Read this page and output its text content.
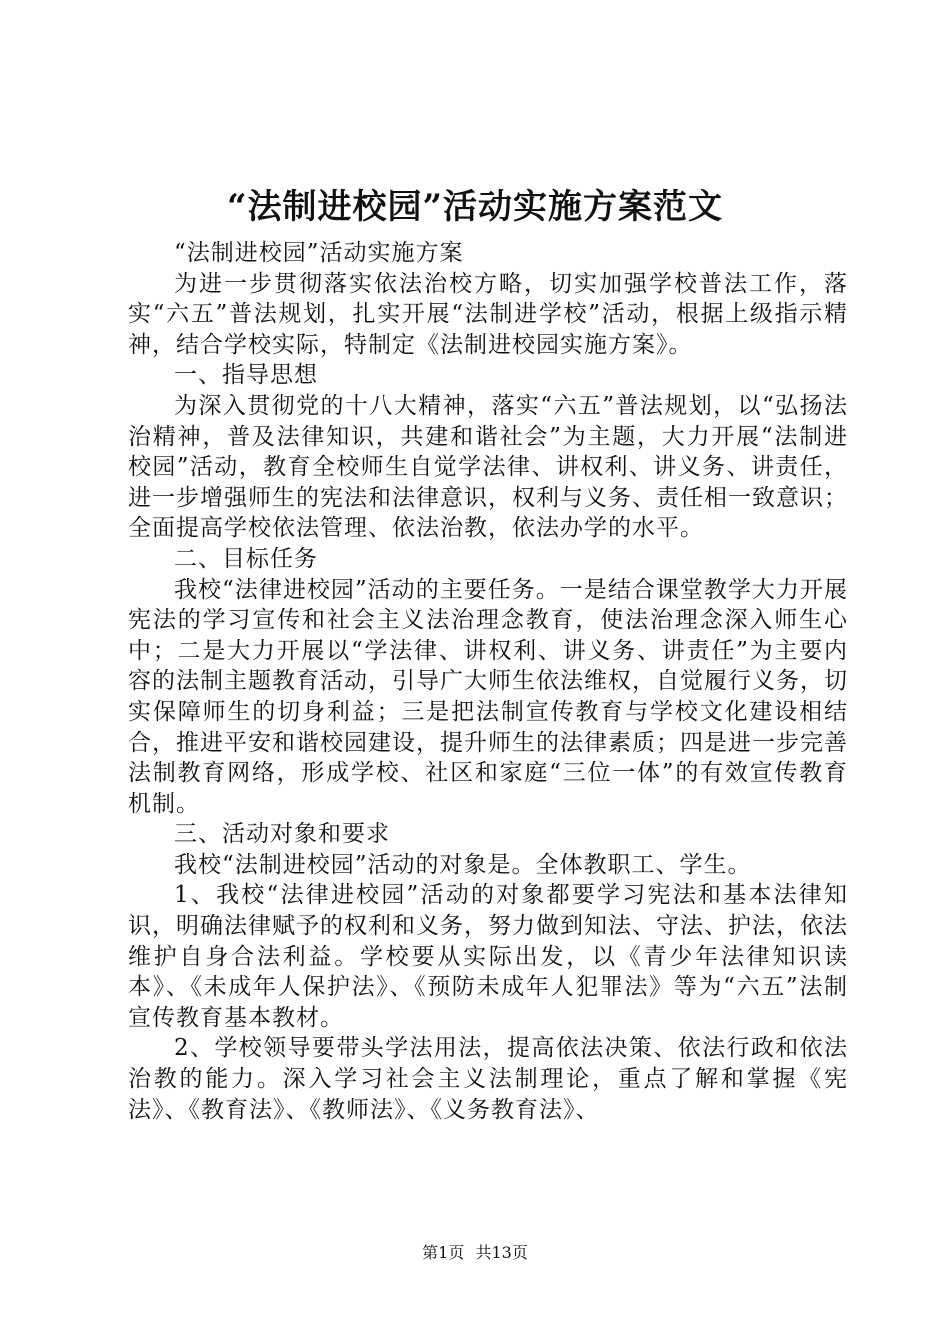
“法制进校园”活动实施方案范文

“法制进校园”活动实施方案

为进一步贯彻落实依法治校方略，切实加强学校普法工作，落实“六五”普法规划，扎实开展“法制进学校”活动，根据上级指示精神，结合学校实际，特制定《法制进校园实施方案》。

一、指导思想

为深入贯彻党的十八大精神，落实“六五”普法规划，以“弘扬法治精神，普及法律知识，共建和谐社会”为主题，大力开展“法制进校园”活动，教育全校师生自觉学法律、讲权利、讲义务、讲责任，进一步增强师生的宪法和法律意识，权利与义务、责任相一致意识；全面提高学校依法管理、依法治教，依法办学的水平。

二、目标任务

我校“法律进校园”活动的主要任务。一是结合课堂教学大力开展宪法的学习宣传和社会主义法治理念教育，使法治理念深入师生心中；二是大力开展以“学法律、讲权利、讲义务、讲责任”为主要内容的法制主题教育活动，引导广大师生依法维权，自觉履行义务，切实保障师生的切身利益；三是把法制宣传教育与学校文化建设相结合，推进平安和谐校园建设，提升师生的法律素质；四是进一步完善法制教育网络，形成学校、社区和家庭“三位一体”的有效宣传教育机制。

三、活动对象和要求

我校“法制进校园”活动的对象是。全体教职工、学生。

1、我校“法律进校园”活动的对象都要学习宪法和基本法律知识，明确法律赋予的权利和义务，努力做到知法、守法、护法，依法维护自身合法利益。学校要从实际出发，以《青少年法律知识读本》、《未成年人保护法》、《预防未成年人犯罪法》等为“六五”法制宣传教育基本教材。

2、学校领导要带头学法用法，提高依法决策、依法行政和依法治教的能力。深入学习社会主义法制理论，重点了解和掌握《宪法》、《教育法》、《教师法》、《义务教育法》、

第1页 共13页
